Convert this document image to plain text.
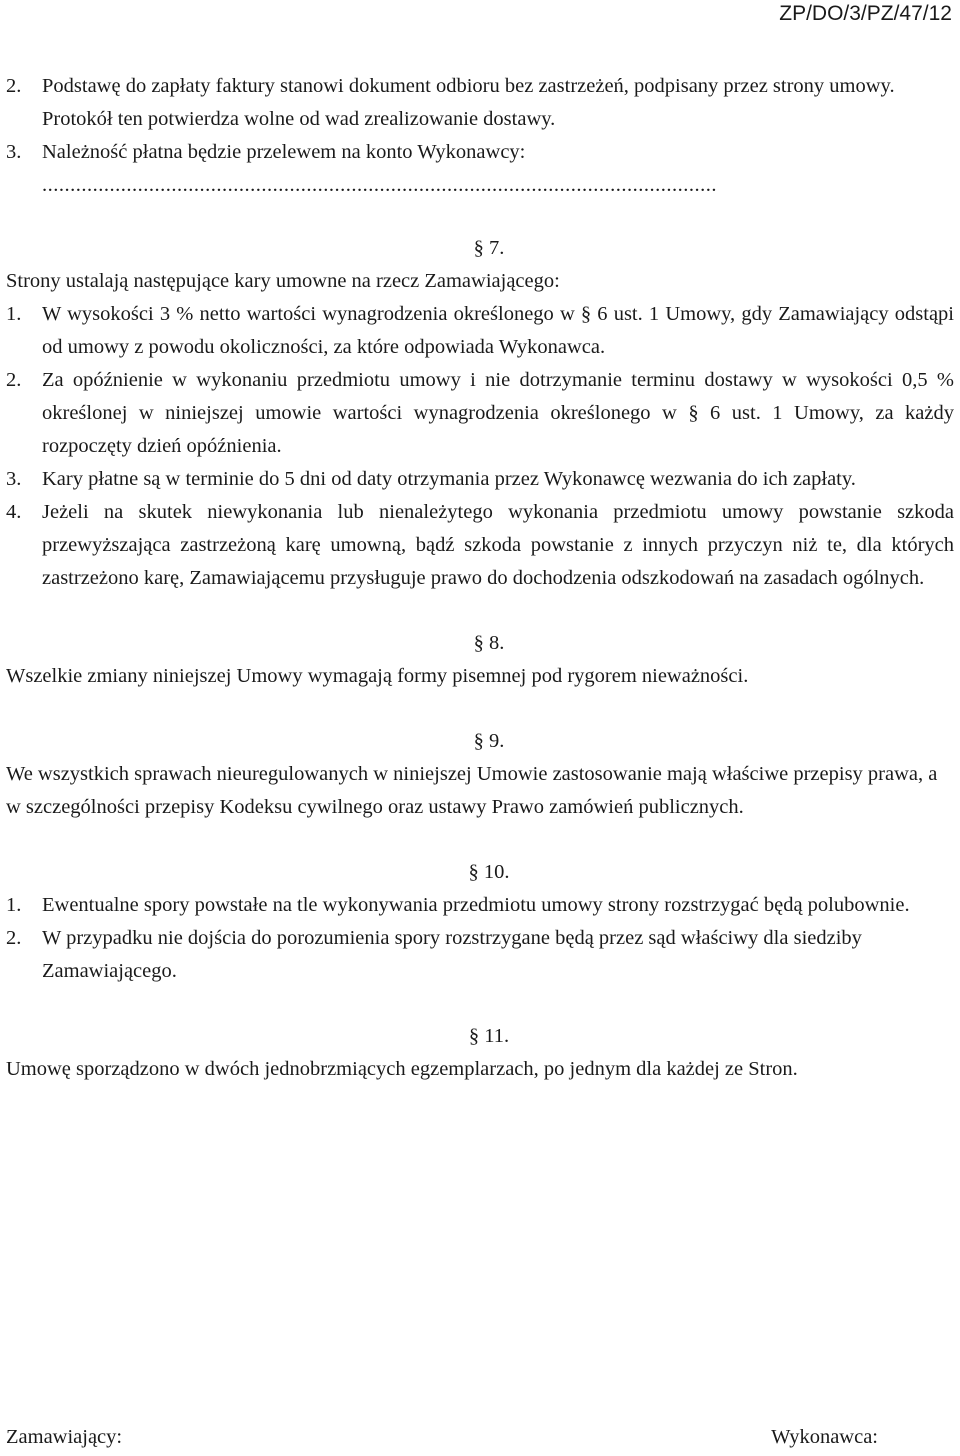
ZP/DO/3/PZ/47/12
2. Podstawę do zapłaty faktury stanowi dokument odbioru bez zastrzeżeń, podpisany przez strony umowy. Protokół ten potwierdza wolne od wad zrealizowanie dostawy.
3. Należność płatna będzie przelewem na konto Wykonawcy:
........................................................................................................................
§ 7.
Strony ustalają następujące kary umowne na rzecz Zamawiającego:
1. W wysokości 3 % netto wartości wynagrodzenia określonego w § 6 ust. 1 Umowy, gdy Zamawiający odstąpi od umowy z powodu okoliczności, za które odpowiada Wykonawca.
2. Za opóźnienie w wykonaniu przedmiotu umowy i nie dotrzymanie terminu dostawy w wysokości 0,5 % określonej w niniejszej umowie wartości wynagrodzenia określonego w § 6 ust. 1 Umowy, za każdy rozpoczęty dzień opóźnienia.
3. Kary płatne są w terminie do 5 dni od daty otrzymania przez Wykonawcę wezwania do ich zapłaty.
4. Jeżeli na skutek niewykonania lub nienależytego wykonania przedmiotu umowy powstanie szkoda przewyższająca zastrzeżoną karę umowną, bądź szkoda powstanie z innych przyczyn niż te, dla których zastrzeżono karę, Zamawiającemu przysługuje prawo do dochodzenia odszkodowań na zasadach ogólnych.
§ 8.
Wszelkie zmiany niniejszej Umowy wymagają formy pisemnej pod rygorem nieważności.
§ 9.
We wszystkich sprawach nieuregulowanych w niniejszej Umowie zastosowanie mają właściwe przepisy prawa, a w szczególności przepisy Kodeksu cywilnego oraz ustawy Prawo zamówień publicznych.
§ 10.
1. Ewentualne spory powstałe na tle wykonywania przedmiotu umowy strony rozstrzygać będą polubownie.
2. W przypadku nie dojścia do porozumienia spory rozstrzygane będą przez sąd właściwy dla siedziby Zamawiającego.
§ 11.
Umowę sporządzono w dwóch jednobrzmiących egzemplarzach, po jednym dla każdej ze Stron.
Zamawiający:	Wykonawca:
